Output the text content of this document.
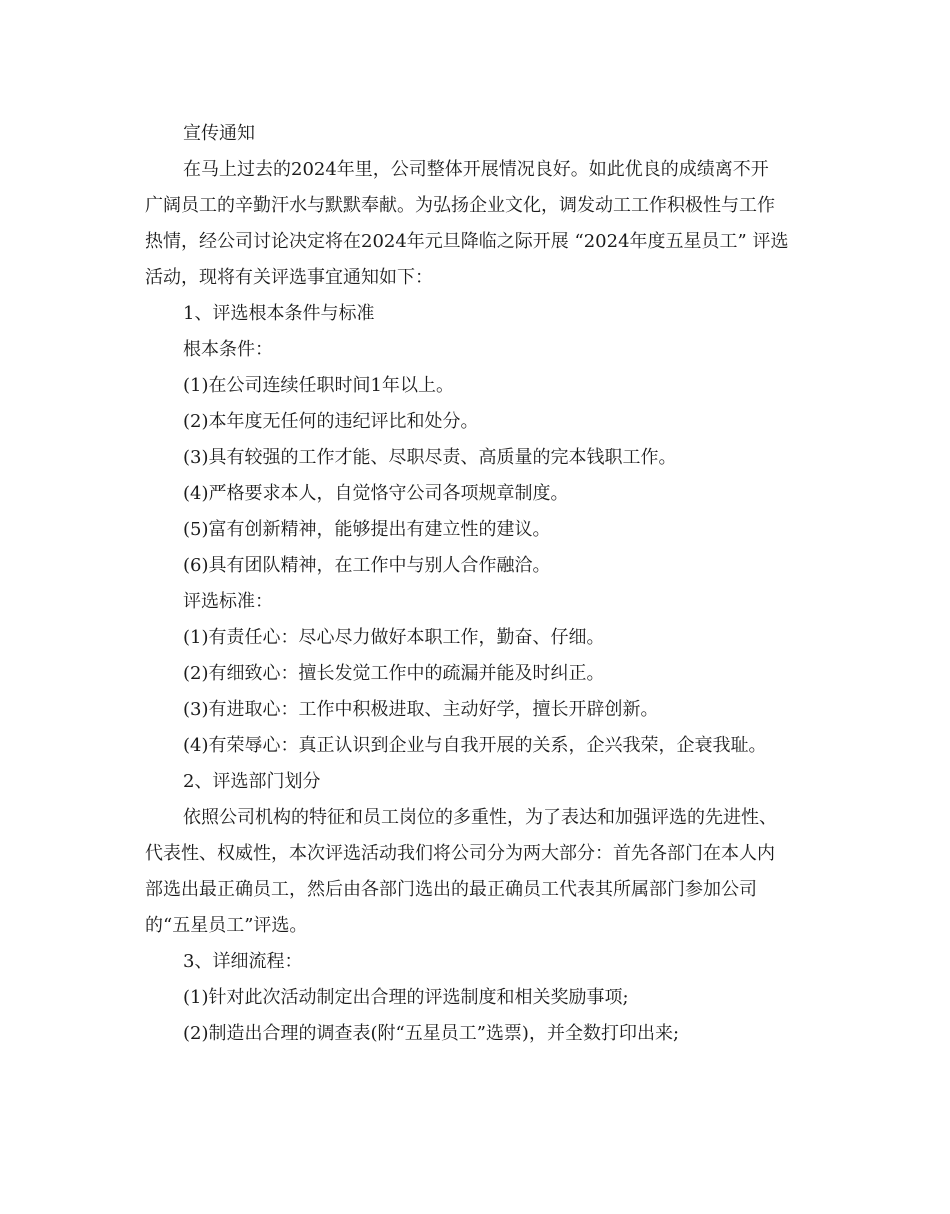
宣传通知
在马上过去的2024年里，公司整体开展情况良好。如此优良的成绩离不开
广阔员工的辛勤汗水与默默奉献。为弘扬企业文化，调发动工工作积极性与工作
热情，经公司讨论决定将在2024年元旦降临之际开展 “2024年度五星员工” 评选
活动，现将有关评选事宜通知如下：
1、评选根本条件与标准
根本条件：
(1)在公司连续任职时间1年以上。
(2)本年度无任何的违纪评比和处分。
(3)具有较强的工作才能、尽职尽责、高质量的完本钱职工作。
(4)严格要求本人，自觉恪守公司各项规章制度。
(5)富有创新精神，能够提出有建立性的建议。
(6)具有团队精神，在工作中与别人合作融洽。
评选标准：
(1)有责任心：尽心尽力做好本职工作，勤奋、仔细。
(2)有细致心：擅长发觉工作中的疏漏并能及时纠正。
(3)有进取心：工作中积极进取、主动好学，擅长开辟创新。
(4)有荣辱心：真正认识到企业与自我开展的关系，企兴我荣，企衰我耻。
2、评选部门划分
依照公司机构的特征和员工岗位的多重性，为了表达和加强评选的先进性、
代表性、权威性，本次评选活动我们将公司分为两大部分：首先各部门在本人内
部选出最正确员工，然后由各部门选出的最正确员工代表其所属部门参加公司
的“五星员工”评选。
3、详细流程：
(1)针对此次活动制定出合理的评选制度和相关奖励事项;
(2)制造出合理的调查表(附“五星员工”选票)，并全数打印出来;
